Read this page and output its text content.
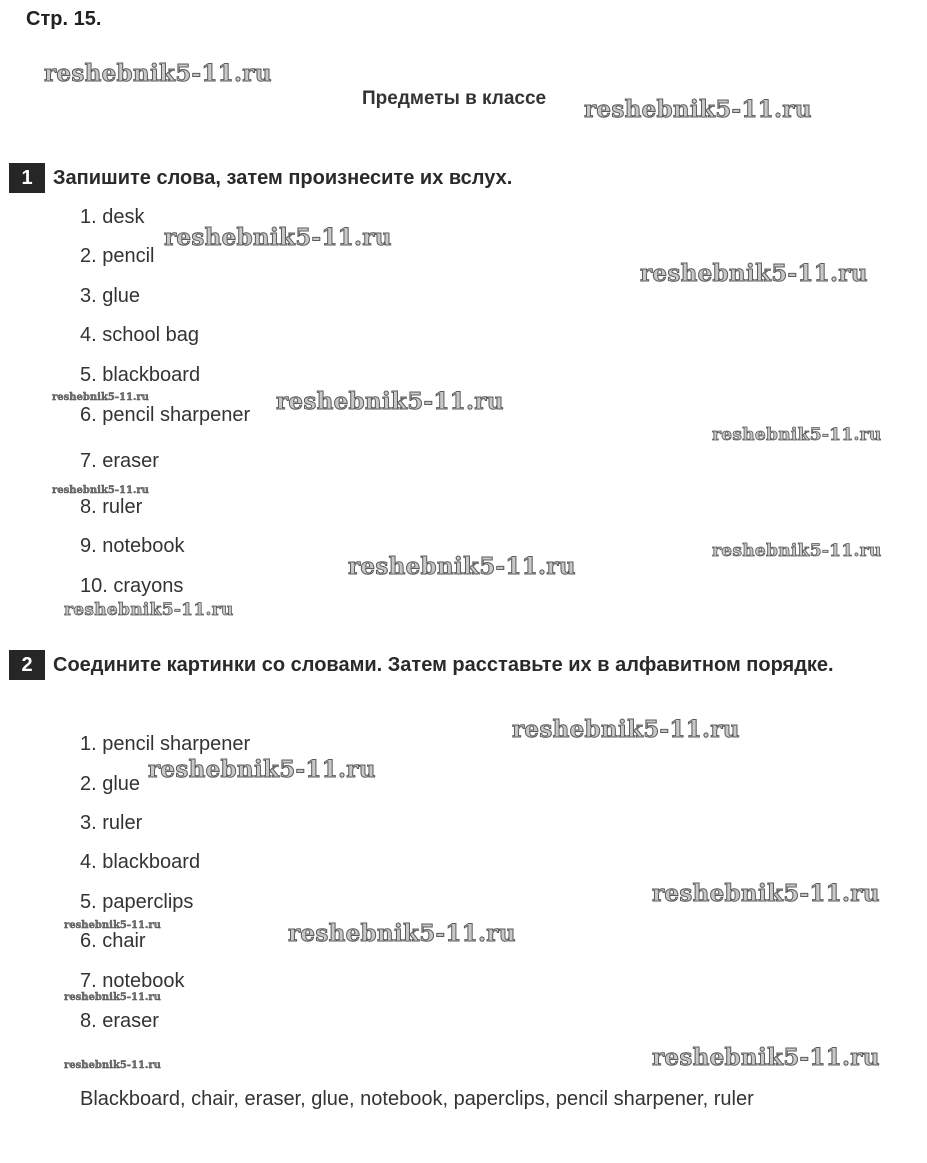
Стр. 15.
Предметы в классе
1	Запишите слова, затем произнесите их вслух.
1. desk
2. pencil
3. glue
4. school bag
5. blackboard
6. pencil sharpener
7. eraser
8. ruler
9. notebook
10. crayons
2	Соедините картинки со словами. Затем расставьте их в алфавитном порядке.
1. pencil sharpener
2. glue
3. ruler
4. blackboard
5. paperclips
6. chair
7. notebook
8. eraser
Blackboard, chair, eraser, glue, notebook, paperclips, pencil sharpener, ruler
reshebnik5-11.ru
reshebnik5-11.ru
reshebnik5-11.ru
reshebnik5-11.ru
reshebnik5-11.ru	reshebnik5-11.ru
reshebnik5-11.ru
reshebnik5-11.ru
reshebnik5-11.ru
reshebnik5-11.ru
reshebnik5-11.ru
reshebnik5-11.ru
reshebnik5-11.ru
reshebnik5-11.ru
reshebnik5-11.ru	reshebnik5-11.ru
reshebnik5-11.ru
reshebnik5-11.ru	reshebnik5-11.ru
